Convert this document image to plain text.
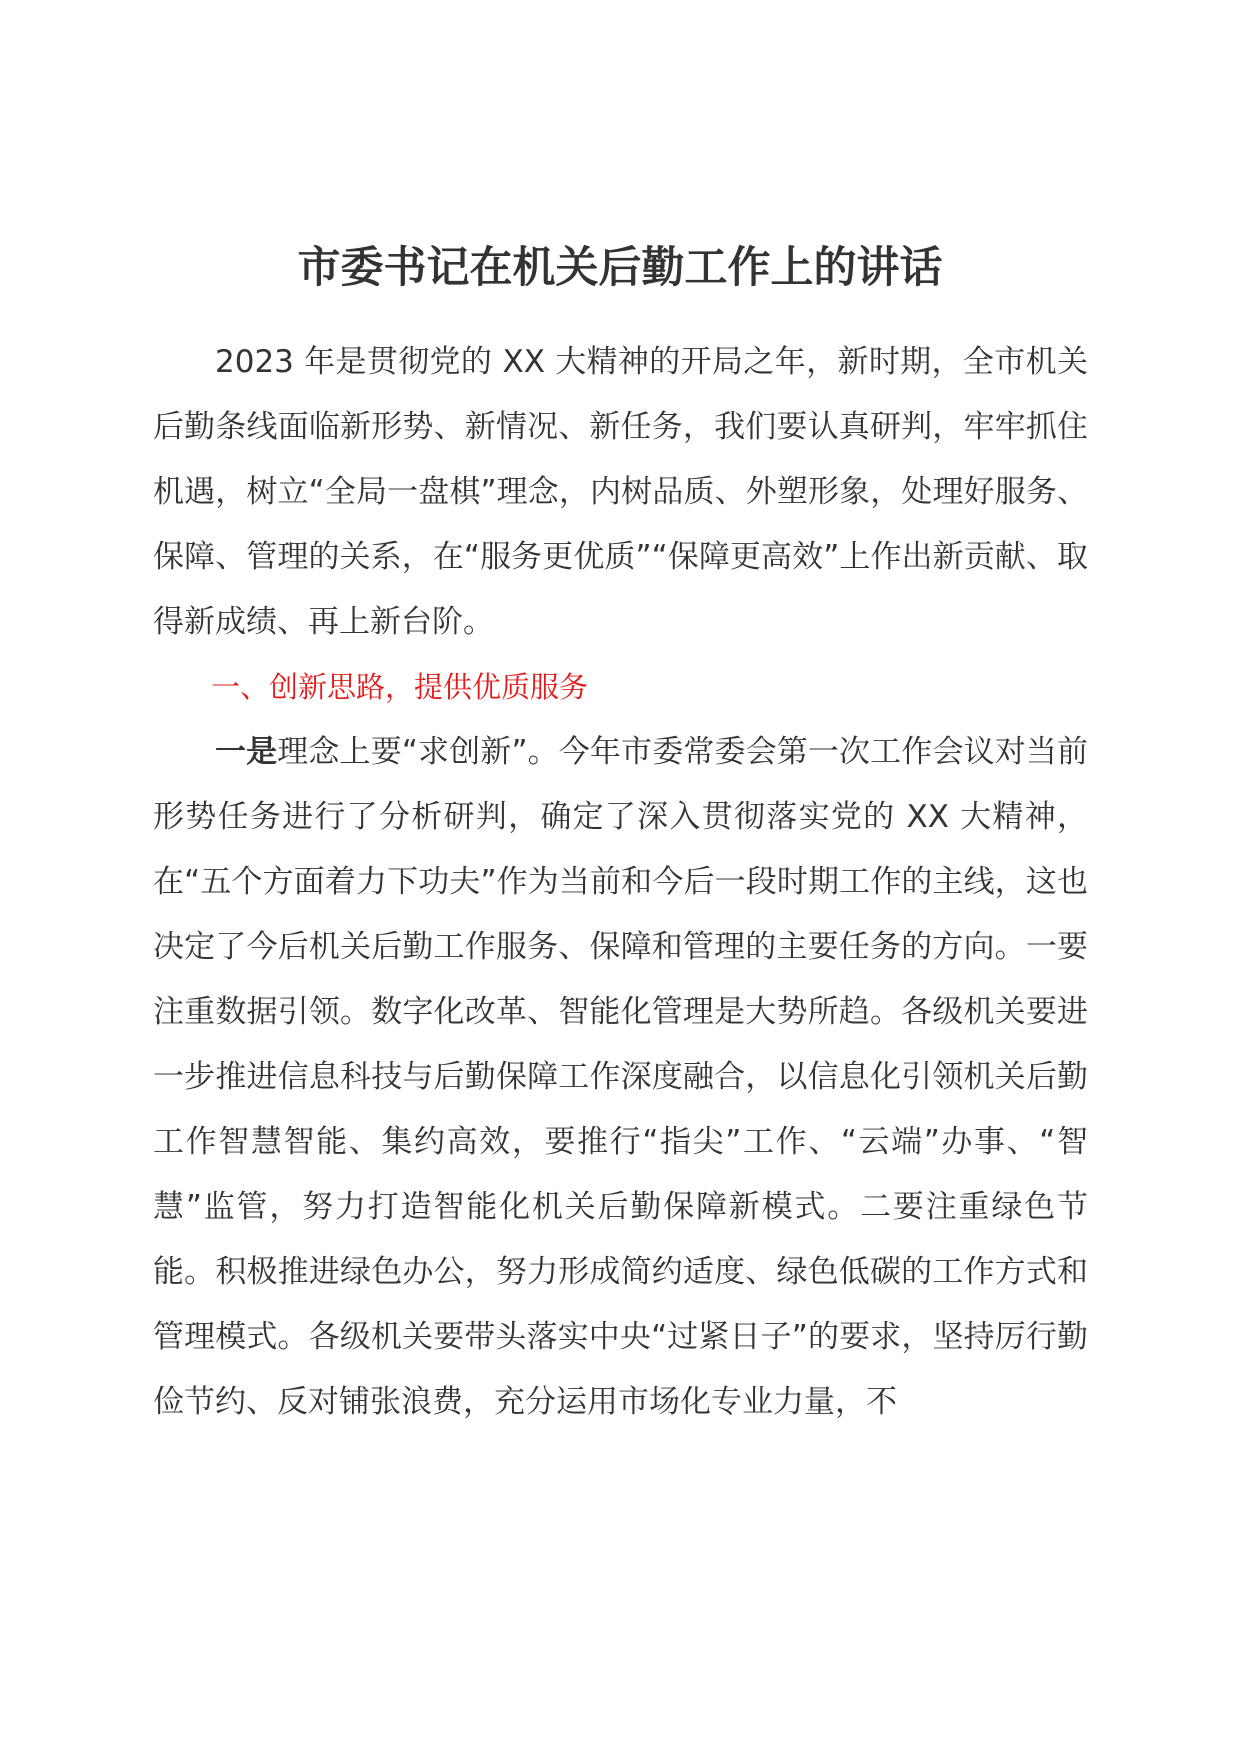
市委书记在机关后勤工作上的讲话

2023 年是贯彻党的 XX 大精神的开局之年，新时期，全市机关后勤条线面临新形势、新情况、新任务，我们要认真研判，牢牢抓住机遇，树立“全局一盘棋”理念，内树品质、外塑形象，处理好服务、保障、管理的关系，在“服务更优质”“保障更高效”上作出新贡献、取得新成绩、再上新台阶。

一、创新思路，提供优质服务

一是理念上要“求创新”。今年市委常委会第一次工作会议对当前形势任务进行了分析研判，确定了深入贯彻落实党的 XX 大精神，在“五个方面着力下功夫”作为当前和今后一段时期工作的主线，这也决定了今后机关后勤工作服务、保障和管理的主要任务的方向。一要注重数据引领。数字化改革、智能化管理是大势所趋。各级机关要进一步推进信息科技与后勤保障工作深度融合，以信息化引领机关后勤工作智慧智能、集约高效，要推行“指尖”工作、“云端”办事、“智慧”监管，努力打造智能化机关后勤保障新模式。二要注重绿色节能。积极推进绿色办公，努力形成简约适度、绿色低碳的工作方式和管理模式。各级机关要带头落实中央“过紧日子”的要求，坚持厉行勤俭节约、反对铺张浪费，充分运用市场化专业力量，不
